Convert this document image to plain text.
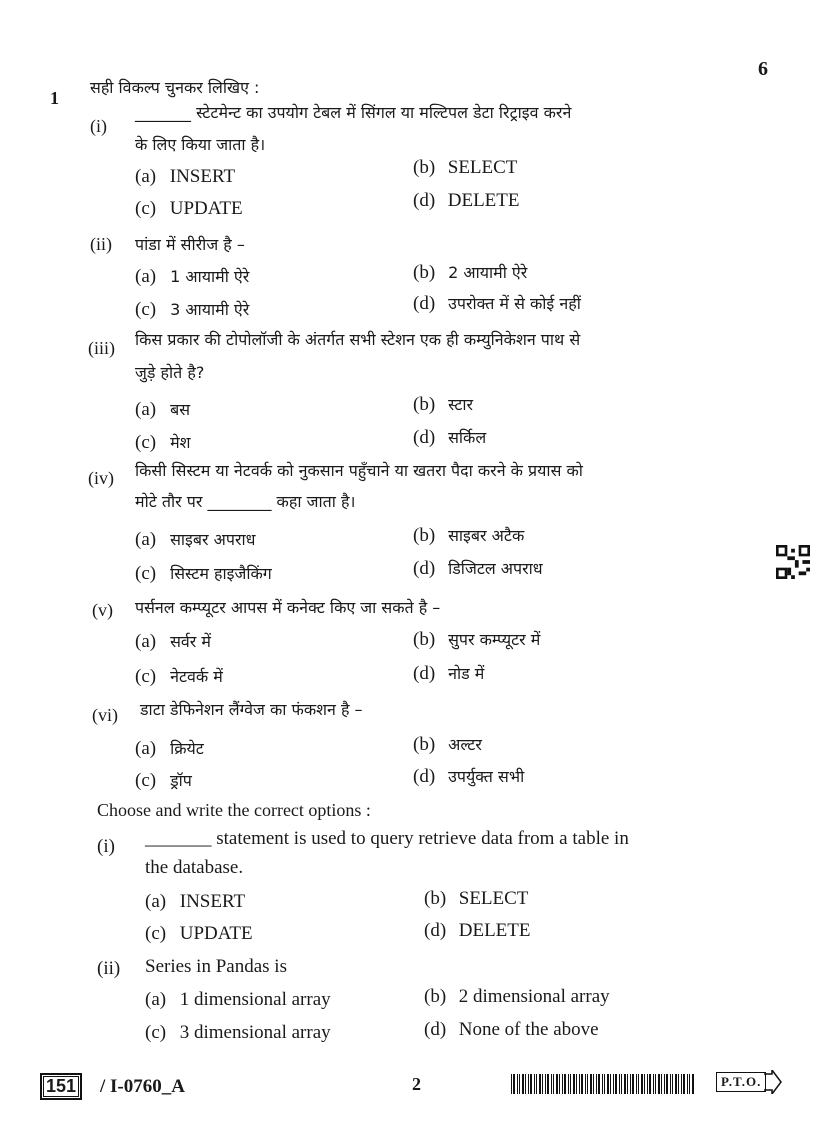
6
1
सही विकल्प चुनकर लिखिए :
(i)
_______ स्टेटमेन्ट का उपयोग टेबल में सिंगल या मल्टिपल डेटा रिट्राइव करने
के लिए किया जाता है।
(a) INSERT	(b) SELECT
(c) UPDATE	(d) DELETE
(ii) पांडा में सीरीज है –
(a) 1 आयामी ऐरे	(b) 2 आयामी ऐरे
(c) 3 आयामी ऐरे	(d) उपरोक्त में से कोई नहीं
(iii) किस प्रकार की टोपोलॉजी के अंतर्गत सभी स्टेशन एक ही कम्युनिकेशन पाथ से
जुड़े होते है?
(a) बस	(b) स्टार
(c) मेश	(d) सर्किल
(iv) किसी सिस्टम या नेटवर्क को नुकसान पहुँचाने या खतरा पैदा करने के प्रयास को
मोटे तौर पर ________ कहा जाता है।
(a) साइबर अपराध	(b) साइबर अटैक
(c) सिस्टम हाइजैकिंग	(d) डिजिटल अपराध
(v) पर्सनल कम्प्यूटर आपस में कनेक्ट किए जा सकते है –
(a) सर्वर में	(b) सुपर कम्प्यूटर में
(c) नेटवर्क में	(d) नोड में
(vi) डाटा डेफिनेशन लैंग्वेज का फंकशन है –
(a) क्रियेट	(b) अल्टर
(c) ड्रॉप	(d) उपर्युक्त सभी
Choose and write the correct options :
(i) _______ statement is used to query retrieve data from a table in
the database.
(a) INSERT	(b) SELECT
(c) UPDATE	(d) DELETE
(ii) Series in Pandas is
(a) 1 dimensional array	(b) 2 dimensional array
(c) 3 dimensional array	(d) None of the above
151	/ I-0760_A	2	P.T.O.
